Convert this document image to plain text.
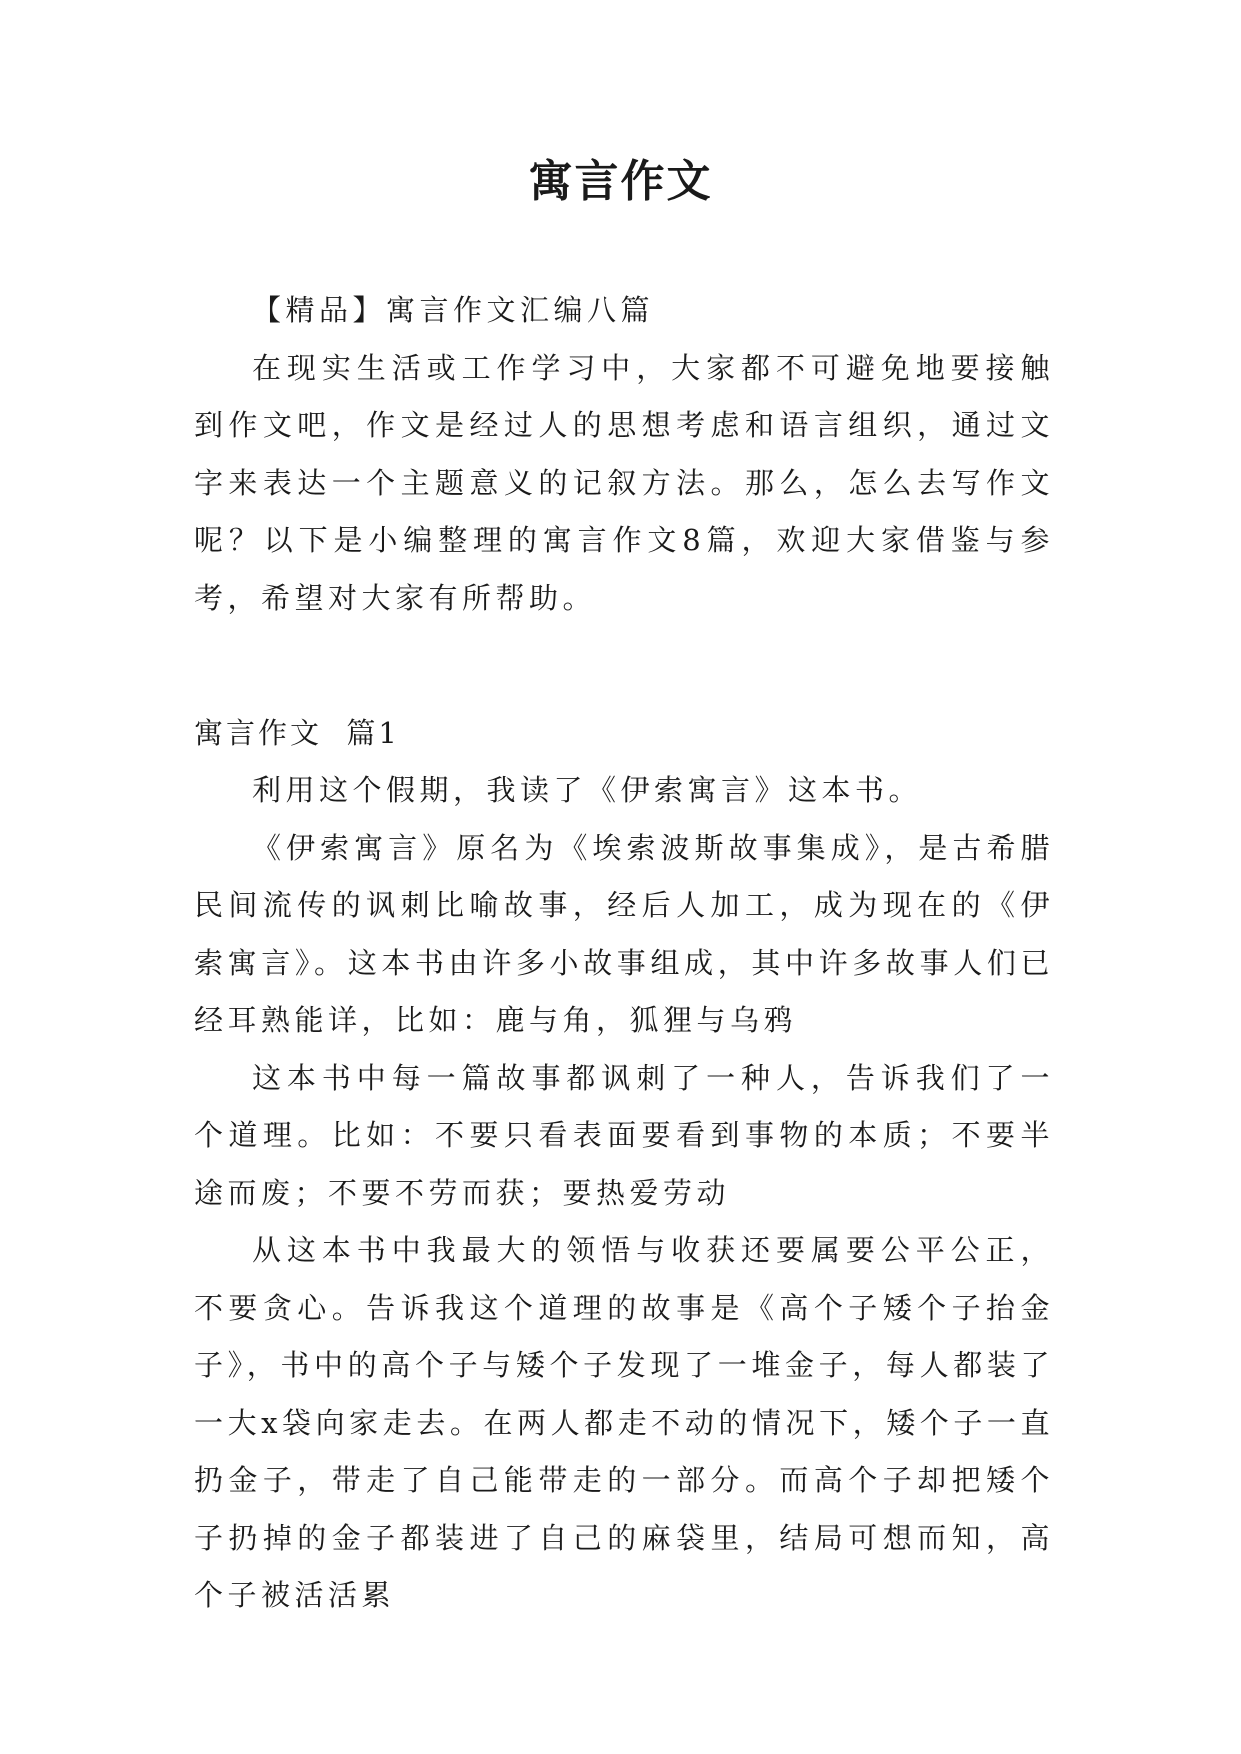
寓言作文

【精品】寓言作文汇编八篇

在现实生活或工作学习中，大家都不可避免地要接触到作文吧，作文是经过人的思想考虑和语言组织，通过文字来表达一个主题意义的记叙方法。那么，怎么去写作文呢？以下是小编整理的寓言作文8篇，欢迎大家借鉴与参考，希望对大家有所帮助。

寓言作文  篇1

利用这个假期，我读了《伊索寓言》这本书。

《伊索寓言》原名为《埃索波斯故事集成》，是古希腊民间流传的讽刺比喻故事，经后人加工，成为现在的《伊索寓言》。这本书由许多小故事组成，其中许多故事人们已经耳熟能详，比如：鹿与角，狐狸与乌鸦

这本书中每一篇故事都讽刺了一种人，告诉我们了一个道理。比如：不要只看表面要看到事物的本质；不要半途而废；不要不劳而获；要热爱劳动

从这本书中我最大的领悟与收获还要属要公平公正，不要贪心。告诉我这个道理的故事是《高个子矮个子抬金子》，书中的高个子与矮个子发现了一堆金子，每人都装了一大x袋向家走去。在两人都走不动的情况下，矮个子一直扔金子，带走了自己能带走的一部分。而高个子却把矮个子扔掉的金子都装进了自己的麻袋里，结局可想而知，高个子被活活累
